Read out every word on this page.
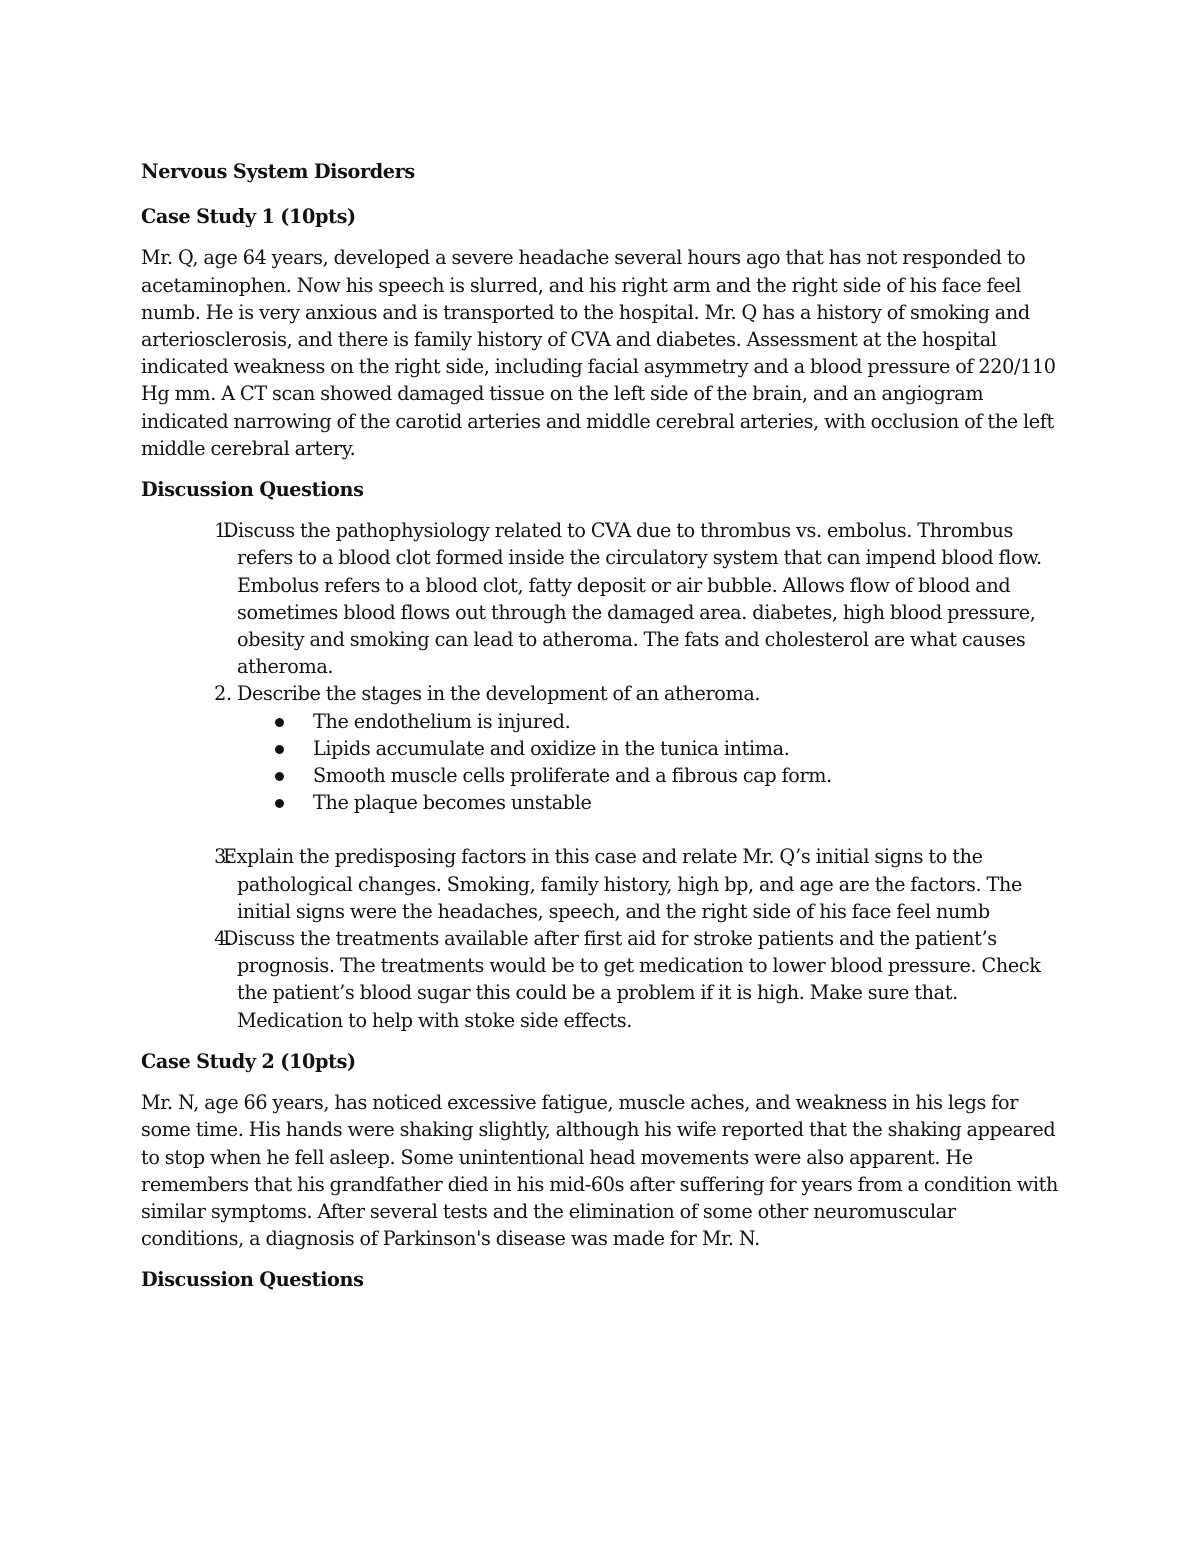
Nervous System Disorders
Case Study 1 (10pts)
Mr. Q, age 64 years, developed a severe headache several hours ago that has not responded to acetaminophen. Now his speech is slurred, and his right arm and the right side of his face feel numb. He is very anxious and is transported to the hospital. Mr. Q has a history of smoking and arteriosclerosis, and there is family history of CVA and diabetes. Assessment at the hospital indicated weakness on the right side, including facial asymmetry and a blood pressure of 220/110 Hg mm. A CT scan showed damaged tissue on the left side of the brain, and an angiogram indicated narrowing of the carotid arteries and middle cerebral arteries, with occlusion of the left middle cerebral artery.
Discussion Questions
1. Discuss the pathophysiology related to CVA due to thrombus vs. embolus. Thrombus refers to a blood clot formed inside the circulatory system that can impend blood flow. Embolus refers to a blood clot, fatty deposit or air bubble. Allows flow of blood and sometimes blood flows out through the damaged area. diabetes, high blood pressure, obesity and smoking can lead to atheroma. The fats and cholesterol are what causes atheroma.
2. Describe the stages in the development of an atheroma.
The endothelium is injured.
Lipids accumulate and oxidize in the tunica intima.
Smooth muscle cells proliferate and a fibrous cap form.
The plaque becomes unstable
3. Explain the predisposing factors in this case and relate Mr. Q’s initial signs to the pathological changes. Smoking, family history, high bp, and age are the factors. The initial signs were the headaches, speech, and the right side of his face feel numb
4. Discuss the treatments available after first aid for stroke patients and the patient’s prognosis. The treatments would be to get medication to lower blood pressure. Check the patient’s blood sugar this could be a problem if it is high. Make sure that. Medication to help with stoke side effects.
Case Study 2 (10pts)
Mr. N, age 66 years, has noticed excessive fatigue, muscle aches, and weakness in his legs for some time. His hands were shaking slightly, although his wife reported that the shaking appeared to stop when he fell asleep. Some unintentional head movements were also apparent. He remembers that his grandfather died in his mid-60s after suffering for years from a condition with similar symptoms. After several tests and the elimination of some other neuromuscular conditions, a diagnosis of Parkinson's disease was made for Mr. N.
Discussion Questions
